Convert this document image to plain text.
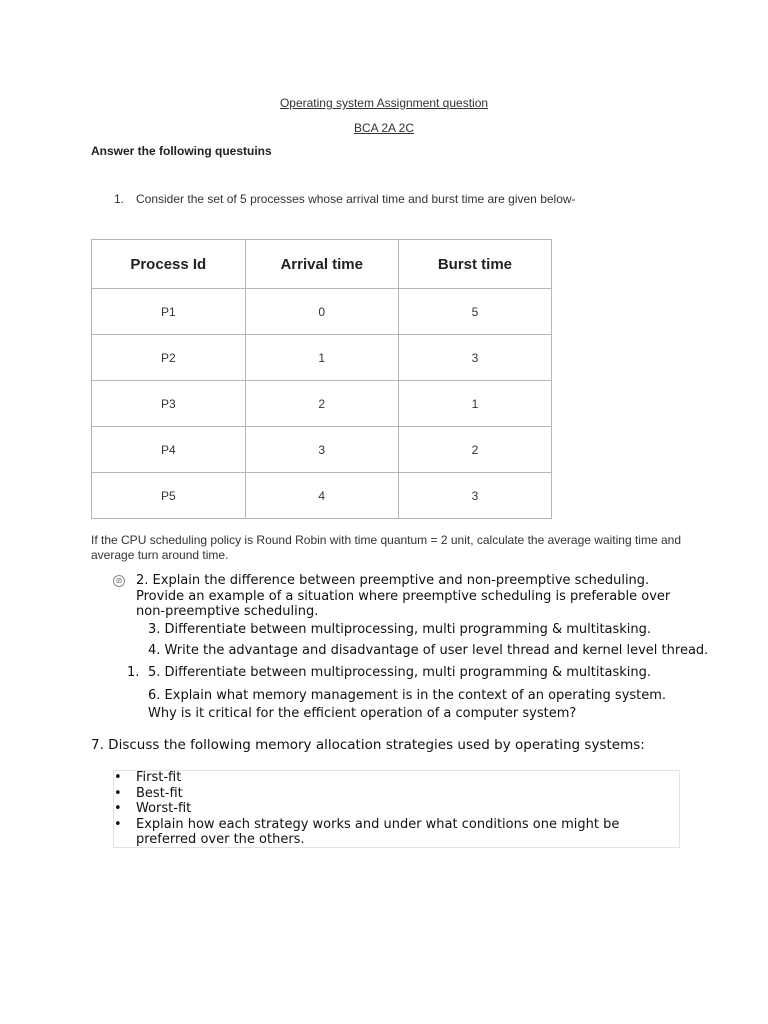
Operating system Assignment question
BCA 2A 2C
Answer the following questuins
1. Consider the set of 5 processes whose arrival time and burst time are given below-
Process Id	Arrival time	Burst time
P1	0	5
P2	1	3
P3	2	1
P4	3	2
P5	4	3
If the CPU scheduling policy is Round Robin with time quantum = 2 unit, calculate the average waiting time and average turn around time.
⊘ 2. Explain the difference between preemptive and non-preemptive scheduling. Provide an example of a situation where preemptive scheduling is preferable over non-preemptive scheduling.
3. Differentiate between multiprocessing, multi programming & multitasking.
4. Write the advantage and disadvantage of user level thread and kernel level thread.
1. 5. Differentiate between multiprocessing, multi programming & multitasking.
6. Explain what memory management is in the context of an operating system. Why is it critical for the efficient operation of a computer system?
7. Discuss the following memory allocation strategies used by operating systems:
• First-fit
• Best-fit
• Worst-fit
• Explain how each strategy works and under what conditions one might be preferred over the others.
